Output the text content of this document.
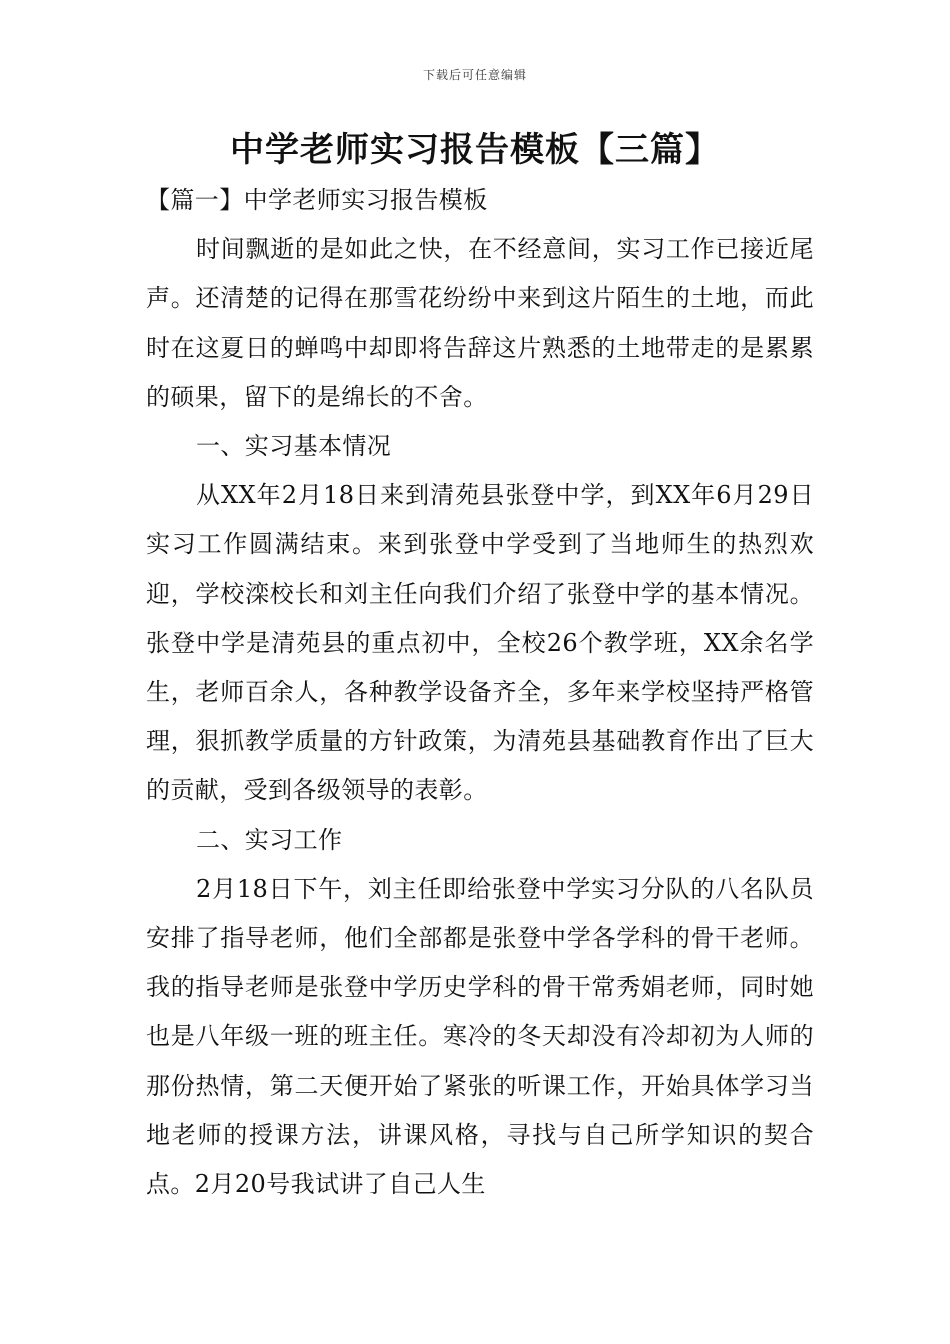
下载后可任意编辑
中学老师实习报告模板【三篇】

【篇一】中学老师实习报告模板

时间飘逝的是如此之快，在不经意间，实习工作已接近尾声。还清楚的记得在那雪花纷纷中来到这片陌生的土地，而此时在这夏日的蝉鸣中却即将告辞这片熟悉的土地带走的是累累的硕果，留下的是绵长的不舍。

一、实习基本情况

从XX年2月18日来到清苑县张登中学，到XX年6月29日实习工作圆满结束。来到张登中学受到了当地师生的热烈欢迎，学校滦校长和刘主任向我们介绍了张登中学的基本情况。张登中学是清苑县的重点初中，全校26个教学班，XX余名学生，老师百余人，各种教学设备齐全，多年来学校坚持严格管理，狠抓教学质量的方针政策，为清苑县基础教育作出了巨大的贡献，受到各级领导的表彰。

二、实习工作

2月18日下午，刘主任即给张登中学实习分队的八名队员安排了指导老师，他们全部都是张登中学各学科的骨干老师。我的指导老师是张登中学历史学科的骨干常秀娟老师，同时她也是八年级一班的班主任。寒冷的冬天却没有冷却初为人师的那份热情，第二天便开始了紧张的听课工作，开始具体学习当地老师的授课方法，讲课风格，寻找与自己所学知识的契合点。2月20号我试讲了自己人生
